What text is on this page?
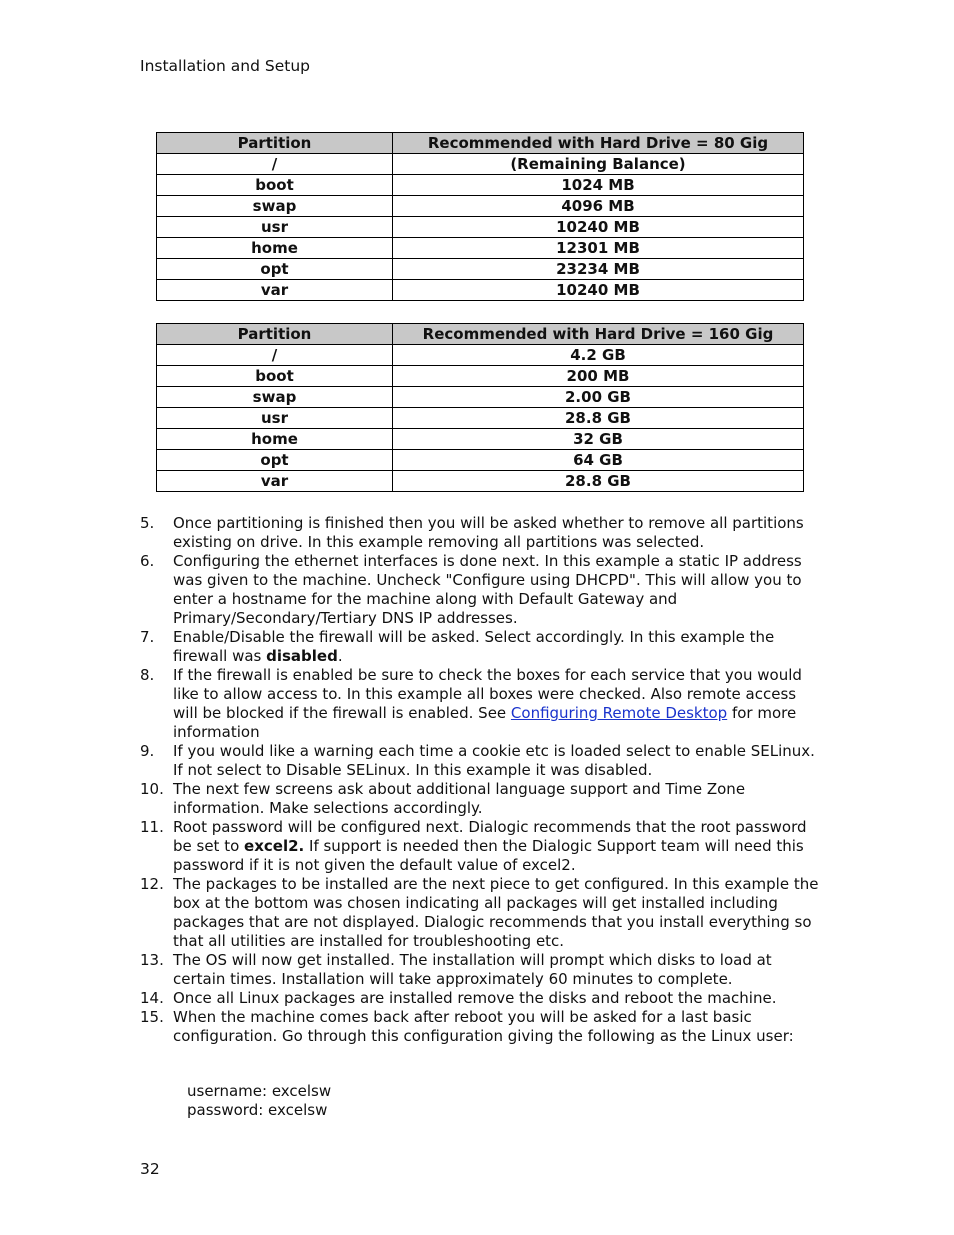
Installation and Setup
Partition	Recommended with Hard Drive = 80 Gig
/	(Remaining Balance)
boot	1024 MB
swap	4096 MB
usr	10240 MB
home	12301 MB
opt	23234 MB
var	10240 MB
Partition	Recommended with Hard Drive = 160 Gig
/	4.2 GB
boot	200 MB
swap	2.00 GB
usr	28.8 GB
home	32 GB
opt	64 GB
var	28.8 GB
5.	Once partitioning is finished then you will be asked whether to remove all partitions existing on drive. In this example removing all partitions was selected.
6.	Configuring the ethernet interfaces is done next. In this example a static IP address was given to the machine. Uncheck "Configure using DHCPD". This will allow you to enter a hostname for the machine along with Default Gateway and Primary/Secondary/Tertiary DNS IP addresses.
7.	Enable/Disable the firewall will be asked. Select accordingly. In this example the firewall was disabled.
8.	If the firewall is enabled be sure to check the boxes for each service that you would like to allow access to. In this example all boxes were checked. Also remote access will be blocked if the firewall is enabled. See Configuring Remote Desktop for more information
9.	If you would like a warning each time a cookie etc is loaded select to enable SELinux. If not select to Disable SELinux. In this example it was disabled.
10. The next few screens ask about additional language support and Time Zone information. Make selections accordingly.
11. Root password will be configured next. Dialogic recommends that the root password be set to excel2. If support is needed then the Dialogic Support team will need this password if it is not given the default value of excel2.
12. The packages to be installed are the next piece to get configured. In this example the box at the bottom was chosen indicating all packages will get installed including packages that are not displayed. Dialogic recommends that you install everything so that all utilities are installed for troubleshooting etc.
13. The OS will now get installed. The installation will prompt which disks to load at certain times. Installation will take approximately 60 minutes to complete.
14. Once all Linux packages are installed remove the disks and reboot the machine.
15. When the machine comes back after reboot you will be asked for a last basic configuration. Go through this configuration giving the following as the Linux user:
username: excelsw
password: excelsw
32
